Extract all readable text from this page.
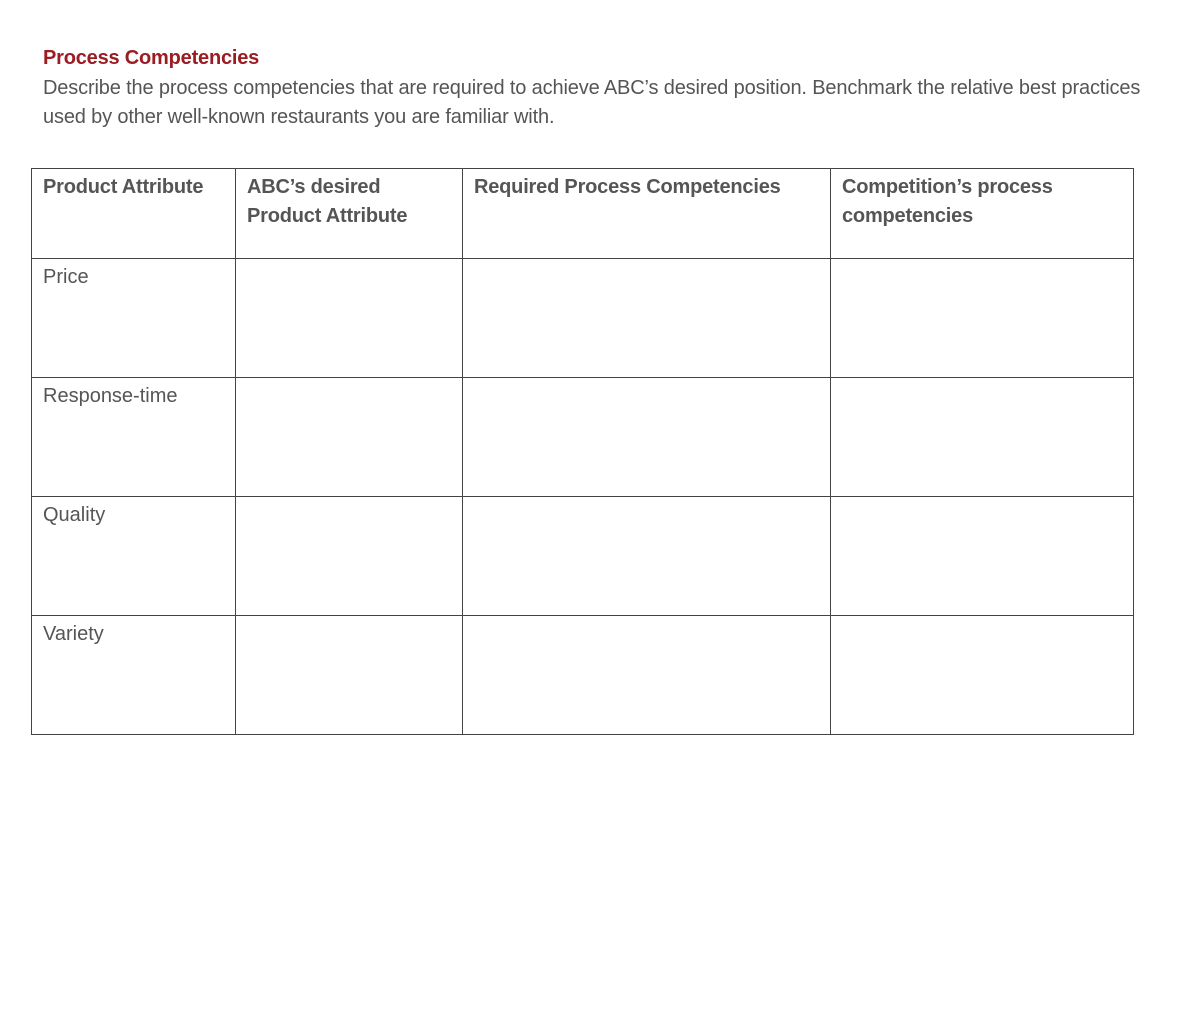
Process Competencies

Describe the process competencies that are required to achieve ABC’s desired position. Benchmark the relative best practices used by other well-known restaurants you are familiar with.

Product Attribute	ABC’s desired Product Attribute	Required Process Competencies	Competition’s process competencies
Price			
Response-time			
Quality			
Variety			
